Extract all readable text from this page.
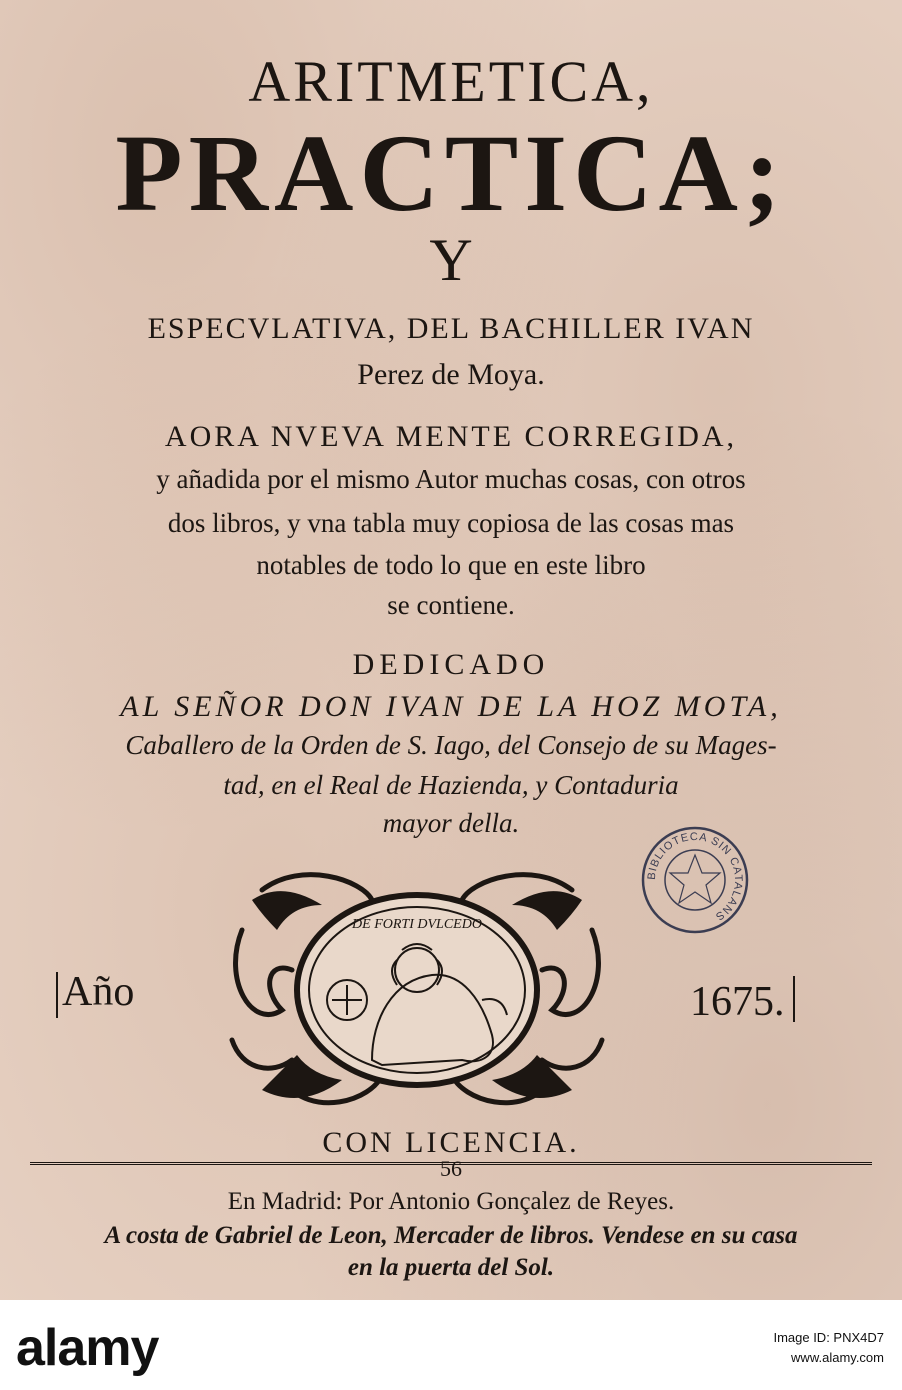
ARITMETICA,
PRACTICA;
Y
ESPECVLATIVA, DEL BACHILLER IVAN
Perez de Moya.
AORA NVEVA MENTE CORREGIDA,
y añadida por el mismo Autor muchas cosas, con otros
dos libros, y vna tabla muy copiosa de las cosas mas
notables de todo lo que en este libro
se contiene.
DEDICADO
AL SEÑOR DON IVAN DE LA HOZ MOTA,
Caballero de la Orden de S. Iago, del Consejo de su Mages-
tad, en el Real de Hazienda, y Contaduria
mayor della.
BIBLIOTECA SIN CATALANS
DE FORTI DVLCEDO
Año	1675.
CON LICENCIA.
56
En Madrid: Por Antonio Gonçalez de Reyes.
A costa de Gabriel de Leon, Mercader de libros. Vendese en su casa
en la puerta del Sol.
alamy	Image ID: PNX4D7
www.alamy.com
